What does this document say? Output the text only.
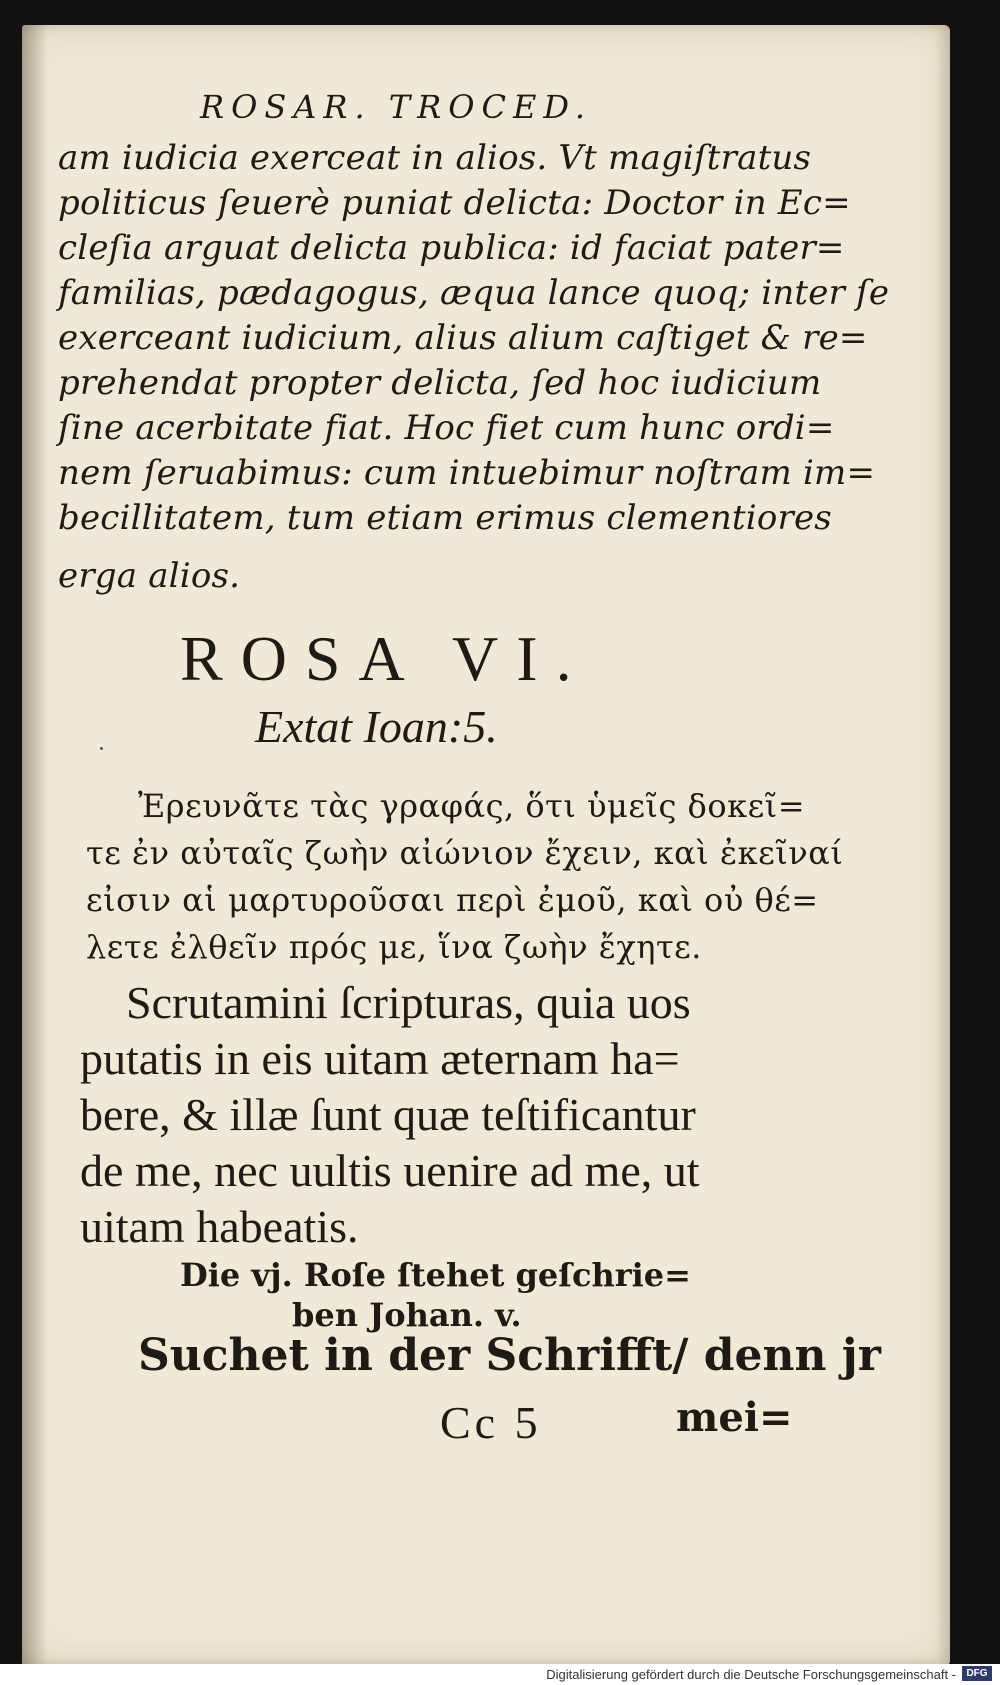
ROSAR. TROCED.
am iudicia exerceat in alios. Vt magiſtratus
politicus ſeuerè puniat delicta: Doctor in Ec=
cleſia arguat delicta publica: id faciat pater=
familias, pædagogus, æqua lance quoq; inter ſe
exerceant iudicium, alius alium caſtiget & re=
prehendat propter delicta, ſed hoc iudicium
ſine acerbitate fiat. Hoc fiet cum hunc ordi=
nem ſeruabimus: cum intuebimur noſtram im=
becillitatem, tum etiam erimus clementiores
erga alios.
ROSA VI.
Extat Ioan:5.
Ἐρευνᾶτε τὰς γραφάς, ὅτι ὑμεῖς δοκεῖ=
τε ἐν αὐταῖς ζωὴν αἰώνιον ἔχειν, καὶ ἐκεῖναί
εἰσιν αἱ μαρτυροῦσαι περὶ ἐμοῦ, καὶ οὐ θέ=
λετε ἐλθεῖν πρός με, ἵνα ζωὴν ἔχητε.
Scrutamini ſcripturas, quia uos
putatis in eis uitam æternam ha=
bere, & illæ ſunt quæ teſtificantur
de me, nec uultis uenire ad me, ut
uitam habeatis.
Die vj. Roſe ſtehet geſchrie=
ben Johan. v.
Suchet in der Schrifft/ denn jr
Cc 5	mei=
Digitalisierung gefördert durch die Deutsche Forschungsgemeinschaft -	DFG
